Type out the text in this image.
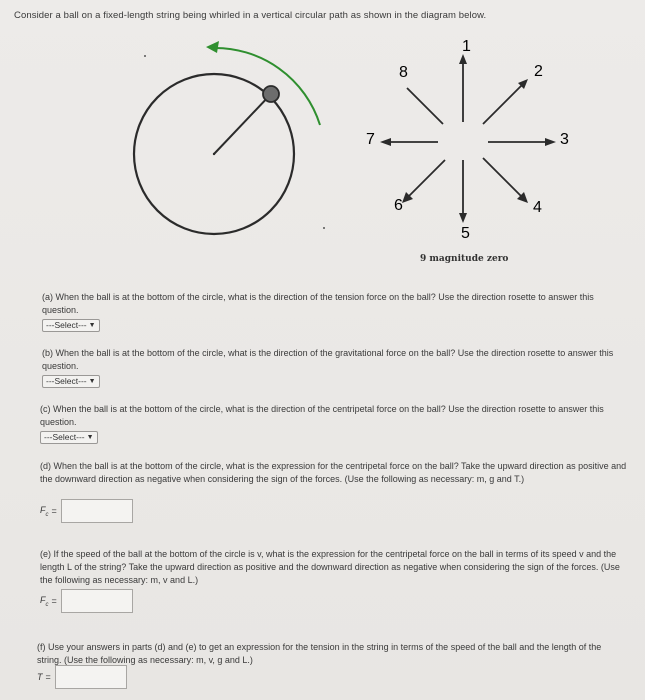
Consider a ball on a fixed-length string being whirled in a vertical circular path as shown in the diagram below.
1
2
3
4
5
6
7
8
9 magnitude zero
(a) When the ball is at the bottom of the circle, what is the direction of the tension force on the ball? Use the direction rosette to answer this question.
---Select--- ▼
(b) When the ball is at the bottom of the circle, what is the direction of the gravitational force on the ball? Use the direction rosette to answer this question.
---Select--- ▼
(c) When the ball is at the bottom of the circle, what is the direction of the centripetal force on the ball? Use the direction rosette to answer this question.
---Select--- ▼
(d) When the ball is at the bottom of the circle, what is the expression for the centripetal force on the ball? Take the upward direction as positive and the downward direction as negative when considering the sign of the forces. (Use the following as necessary: m, g and T.)
$F_c$ =
(e) If the speed of the ball at the bottom of the circle is v, what is the expression for the centripetal force on the ball in terms of its speed v and the length L of the string? Take the upward direction as positive and the downward direction as negative when considering the sign of the forces. (Use the following as necessary: m, v and L.)
$F_c$ =
(f) Use your answers in parts (d) and (e) to get an expression for the tension in the string in terms of the speed of the ball and the length of the string. (Use the following as necessary: m, v, g and L.)
T =
